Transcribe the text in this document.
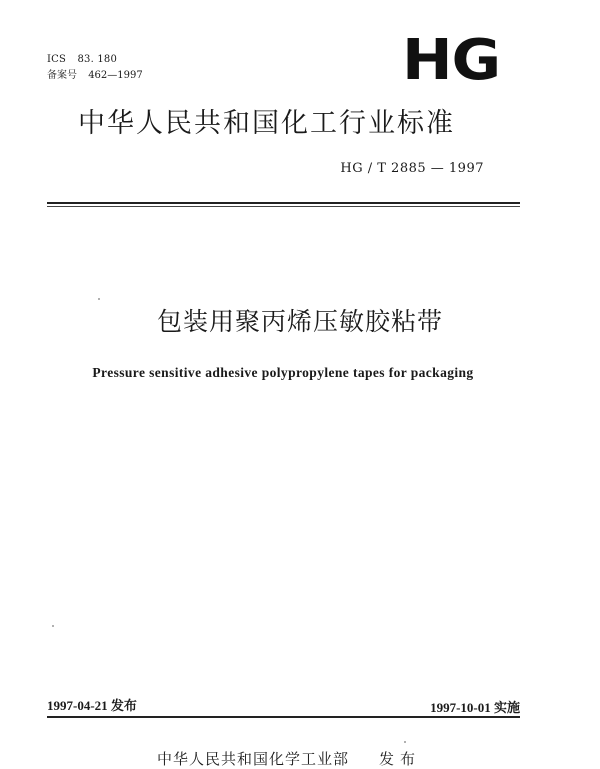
ICS 83. 180
备案号 462—1997	HG
中华人民共和国化工行业标准
HG / T 2885 — 1997
包装用聚丙烯压敏胶粘带
Pressure sensitive adhesive polypropylene tapes for packaging
1997-04-21 发布	1997-10-01 实施
中华人民共和国化学工业部 发布
